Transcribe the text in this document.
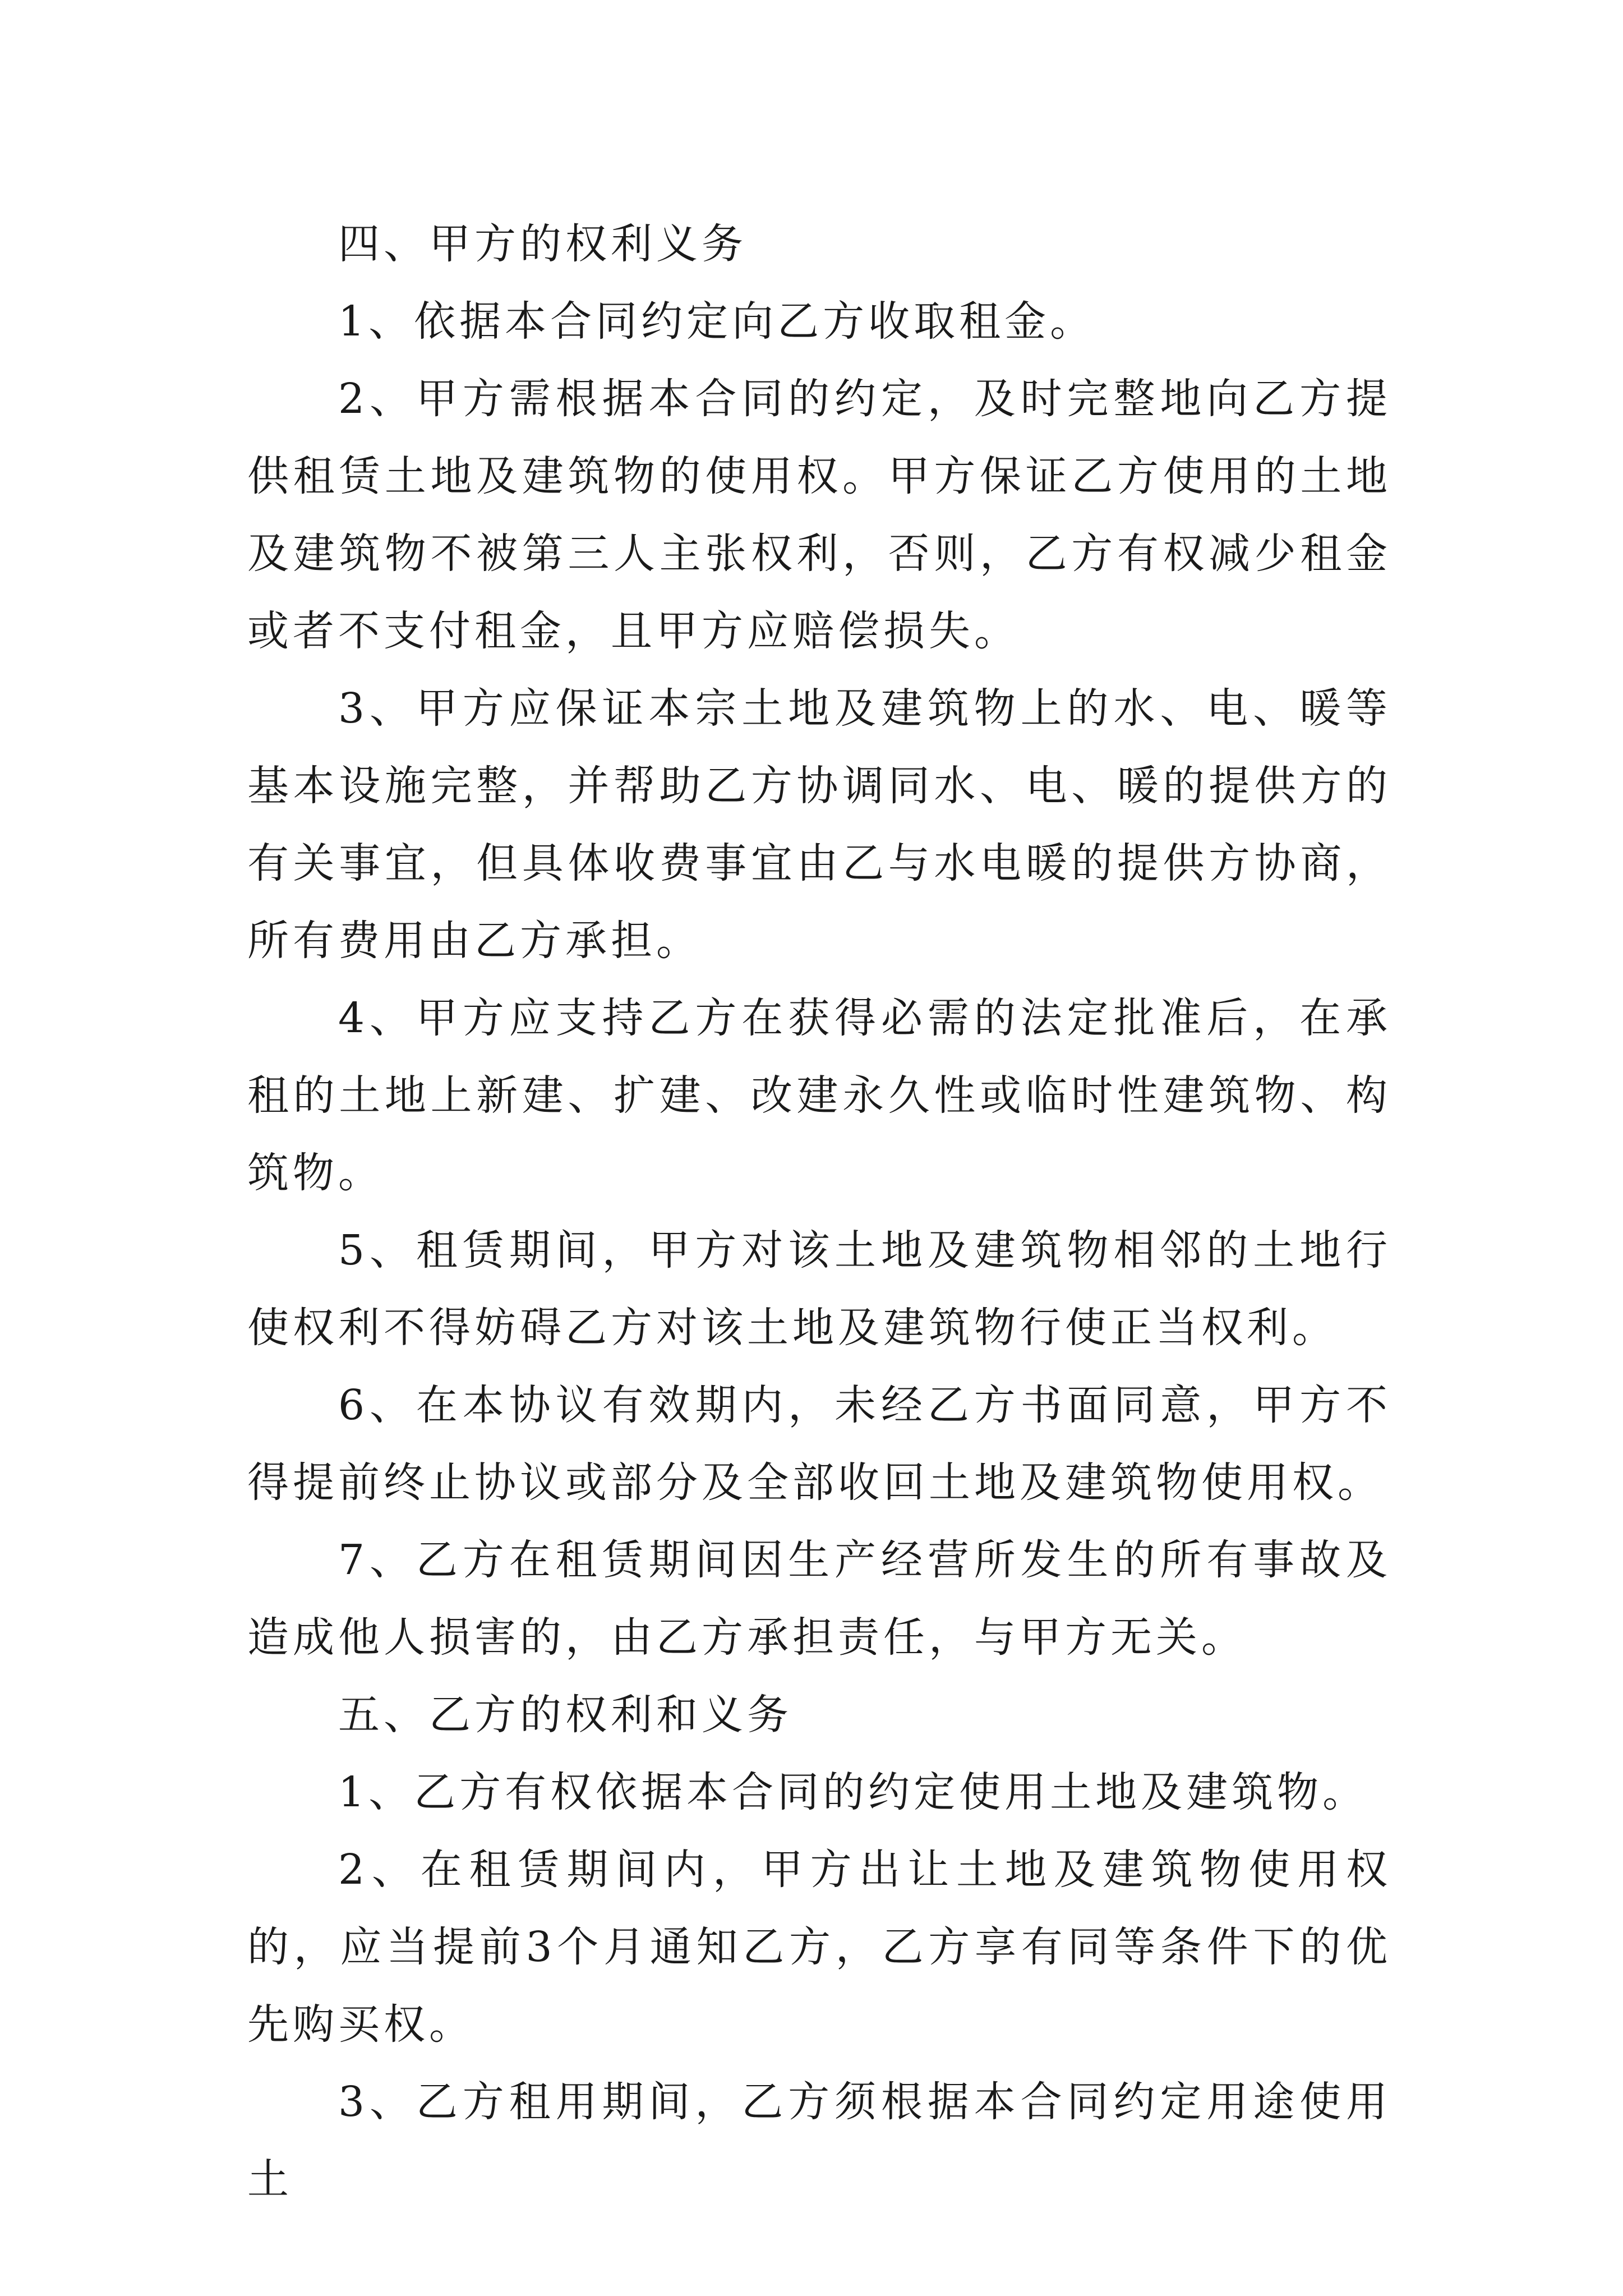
四、甲方的权利义务

1、依据本合同约定向乙方收取租金。

2、甲方需根据本合同的约定，及时完整地向乙方提供租赁土地及建筑物的使用权。甲方保证乙方使用的土地及建筑物不被第三人主张权利，否则，乙方有权减少租金或者不支付租金，且甲方应赔偿损失。

3、甲方应保证本宗土地及建筑物上的水、电、暖等基本设施完整，并帮助乙方协调同水、电、暖的提供方的有关事宜，但具体收费事宜由乙与水电暖的提供方协商，所有费用由乙方承担。

4、甲方应支持乙方在获得必需的法定批准后，在承租的土地上新建、扩建、改建永久性或临时性建筑物、构筑物。

5、租赁期间，甲方对该土地及建筑物相邻的土地行使权利不得妨碍乙方对该土地及建筑物行使正当权利。

6、在本协议有效期内，未经乙方书面同意，甲方不得提前终止协议或部分及全部收回土地及建筑物使用权。

7、乙方在租赁期间因生产经营所发生的所有事故及造成他人损害的，由乙方承担责任，与甲方无关。

五、乙方的权利和义务

1、乙方有权依据本合同的约定使用土地及建筑物。

2、在租赁期间内，甲方出让土地及建筑物使用权的，应当提前3个月通知乙方，乙方享有同等条件下的优先购买权。

3、乙方租用期间，乙方须根据本合同约定用途使用土
